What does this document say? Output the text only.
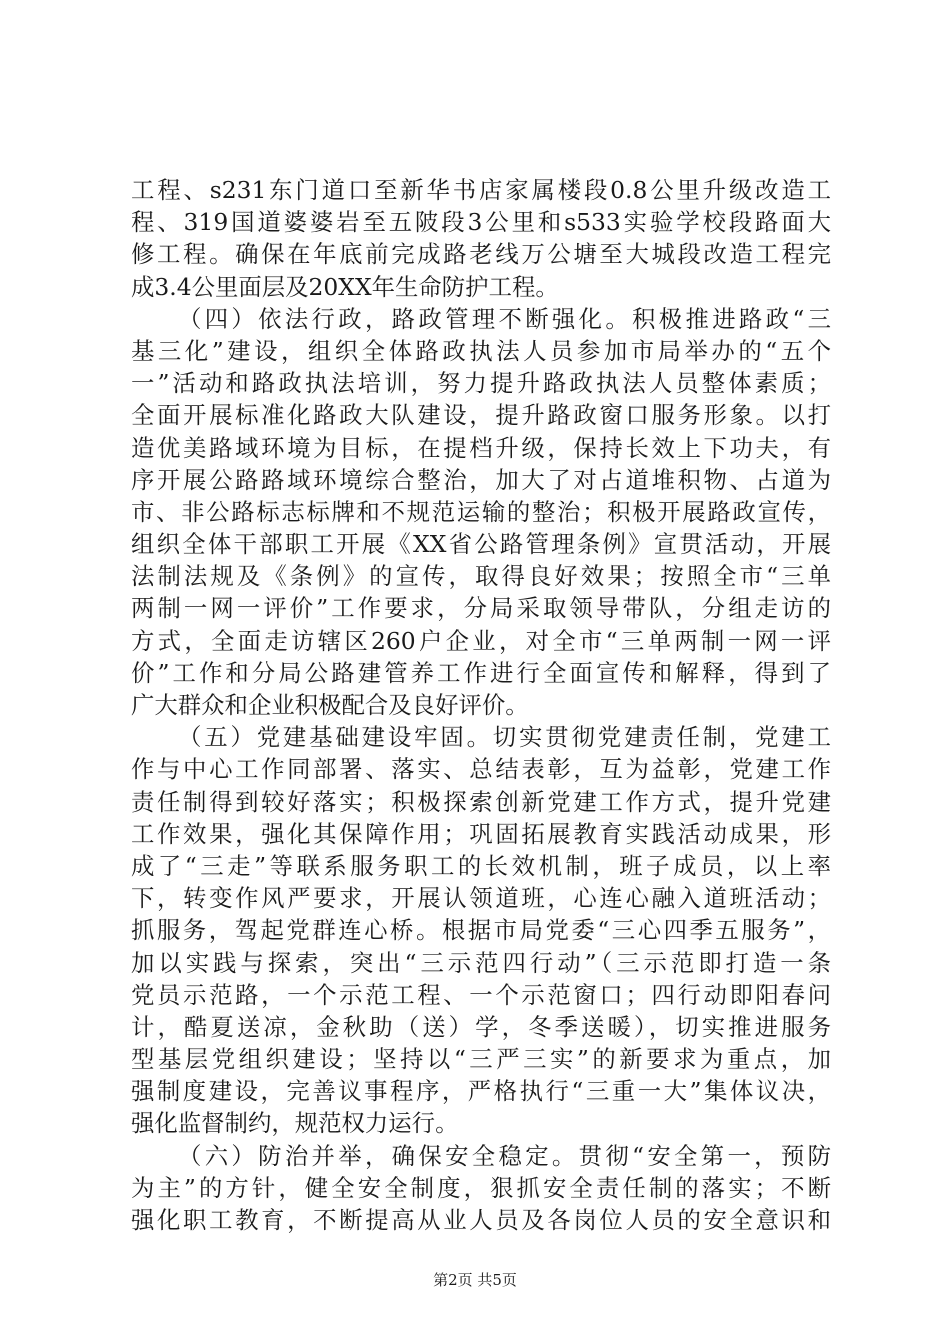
工程、s231东门道口至新华书店家属楼段0.8公里升级改造工
程、319国道婆婆岩至五陂段3公里和s533实验学校段路面大
修工程。确保在年底前完成路老线万公塘至大城段改造工程完
成3.4公里面层及20XX年生命防护工程。
（四）依法行政，路政管理不断强化。积极推进路政“三
基三化”建设，组织全体路政执法人员参加市局举办的“五个
一”活动和路政执法培训，努力提升路政执法人员整体素质；
全面开展标准化路政大队建设，提升路政窗口服务形象。以打
造优美路域环境为目标，在提档升级，保持长效上下功夫，有
序开展公路路域环境综合整治，加大了对占道堆积物、占道为
市、非公路标志标牌和不规范运输的整治；积极开展路政宣传，
组织全体干部职工开展《XX省公路管理条例》宣贯活动，开展
法制法规及《条例》的宣传，取得良好效果；按照全市“三单
两制一网一评价”工作要求，分局采取领导带队，分组走访的
方式，全面走访辖区260户企业，对全市“三单两制一网一评
价”工作和分局公路建管养工作进行全面宣传和解释，得到了
广大群众和企业积极配合及良好评价。
（五）党建基础建设牢固。切实贯彻党建责任制，党建工
作与中心工作同部署、落实、总结表彰，互为益彰，党建工作
责任制得到较好落实；积极探索创新党建工作方式，提升党建
工作效果，强化其保障作用；巩固拓展教育实践活动成果，形
成了“三走”等联系服务职工的长效机制，班子成员，以上率
下，转变作风严要求，开展认领道班，心连心融入道班活动；
抓服务，驾起党群连心桥。根据市局党委“三心四季五服务”，
加以实践与探索，突出“三示范四行动”（三示范即打造一条
党员示范路，一个示范工程、一个示范窗口；四行动即阳春问
计，酷夏送凉，金秋助（送）学，冬季送暖），切实推进服务
型基层党组织建设；坚持以“三严三实”的新要求为重点，加
强制度建设，完善议事程序，严格执行“三重一大”集体议决，
强化监督制约，规范权力运行。
（六）防治并举，确保安全稳定。贯彻“安全第一，预防
为主”的方针，健全安全制度，狠抓安全责任制的落实；不断
强化职工教育，不断提高从业人员及各岗位人员的安全意识和
第2页 共5页
